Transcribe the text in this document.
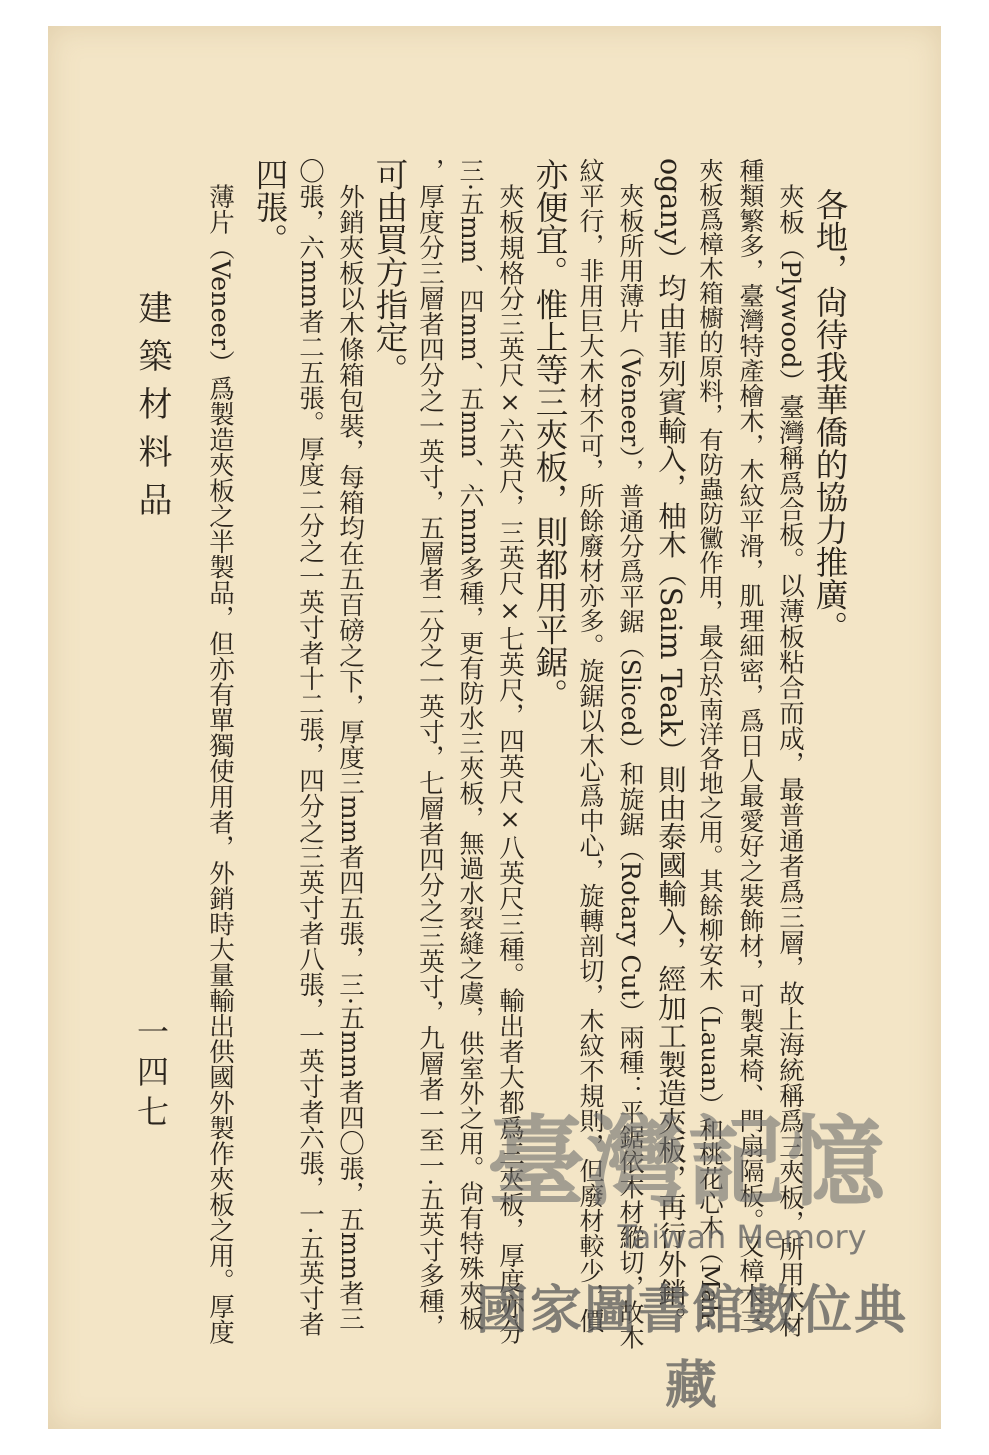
各地，尙待我華僑的協力推廣。
　夾板（Plywood）臺灣稱爲合板。以薄板粘合而成，最普通者爲三層，故上海統稱爲三夾板，所用木材
種類繁多，臺灣特產檜木，木紋平滑，肌理細密，爲日人最愛好之裝飾材，可製桌椅、門扇隔板。又樟木三
夾板爲樟木箱櫥的原料，有防蟲防黴作用，最合於南洋各地之用。其餘柳安木（Lauan）和桃花心木（Mah-
ogany）均由菲列賓輸入，柚木（Saim Teak）則由泰國輸入，經加工製造夾板，再行外銷。
　夾板所用薄片（Veneer），普通分爲平鋸（Sliced）和旋鋸（Rotary Cut）兩種：平鋸依木材縱切，故木
紋平行，非用巨大木材不可，所餘廢材亦多。旋鋸以木心爲中心，旋轉剖切，木紋不規則，但廢材較少，價
亦便宜。惟上等三夾板，則都用平鋸。
　夾板規格分三英尺×六英尺，三英尺×七英尺，四英尺×八英尺三種。輸出者大都爲三夾板，厚度亦分
三·五mm、四mm、五mm、六mm多種，更有防水三夾板，無過水裂縫之虞，供室外之用。尙有特殊夾板
，厚度分三層者四分之一英寸，五層者二分之一英寸，七層者四分之三英寸，九層者一至一·五英寸多種，
可由買方指定。
　外銷夾板以木條箱包裝，每箱均在五百磅之下，厚度三mm者四五張，三·五mm者四〇張，五mm者三
〇張，六mm者二五張。厚度二分之一英寸者十二張，四分之三英寸者八張，一英寸者六張，一·五英寸者
四張。
　薄片（Veneer）爲製造夾板之半製品，但亦有單獨使用者，外銷時大量輸出供國外製作夾板之用。厚度
建築材料品
一四七
臺灣記憶
Taiwan Memory
國家圖書館數位典藏
